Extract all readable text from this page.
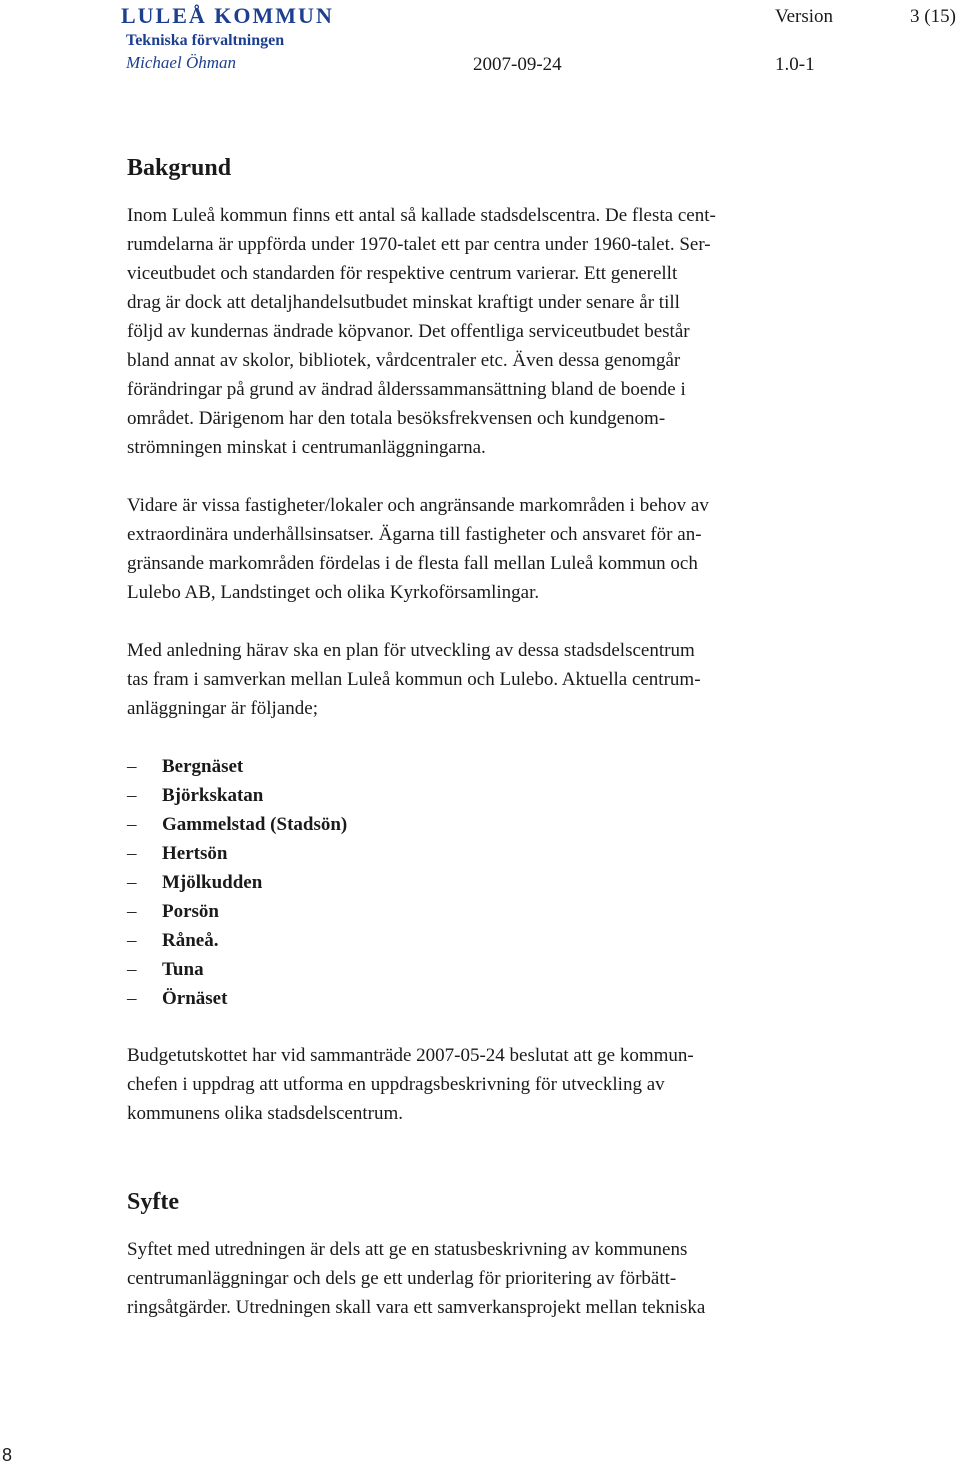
LULEÅ KOMMUN
Tekniska förvaltningen
Michael Öhman
Version	3 (15)
2007-09-24	1.0-1
Bakgrund
Inom Luleå kommun finns ett antal så kallade stadsdelscentra. De flesta cent-
rumdelarna är uppförda under 1970-talet ett par centra under 1960-talet. Ser-
viceutbudet och standarden för respektive centrum varierar. Ett generellt
drag är dock att detaljhandelsutbudet minskat kraftigt under senare år till
följd av kundernas ändrade köpvanor. Det offentliga serviceutbudet består
bland annat av skolor, bibliotek, vårdcentraler etc. Även dessa genomgår
förändringar på grund av ändrad ålderssammansättning bland de boende i
området. Därigenom har den totala besöksfrekvensen och kundgenom-
strömningen minskat i centrumanläggningarna.
Vidare är vissa fastigheter/lokaler och angränsande markområden i behov av
extraordinära underhållsinsatser. Ägarna till fastigheter och ansvaret för an-
gränsande markområden fördelas i de flesta fall mellan Luleå kommun och
Lulebo AB, Landstinget och olika Kyrkoförsamlingar.
Med anledning härav ska en plan för utveckling av dessa stadsdelscentrum
tas fram i samverkan mellan Luleå kommun och Lulebo. Aktuella centrum-
anläggningar är följande;
– Bergnäset
– Björkskatan
– Gammelstad (Stadsön)
– Hertsön
– Mjölkudden
– Porsön
– Råneå.
– Tuna
– Örnäset
Budgetutskottet har vid sammanträde 2007-05-24 beslutat att ge kommun-
chefen i uppdrag att utforma en uppdragsbeskrivning för utveckling av
kommunens olika stadsdelscentrum.
Syfte
Syftet med utredningen är dels att ge en statusbeskrivning av kommunens
centrumanläggningar och dels ge ett underlag för prioritering av förbätt-
ringsåtgärder. Utredningen skall vara ett samverkansprojekt mellan tekniska
8
